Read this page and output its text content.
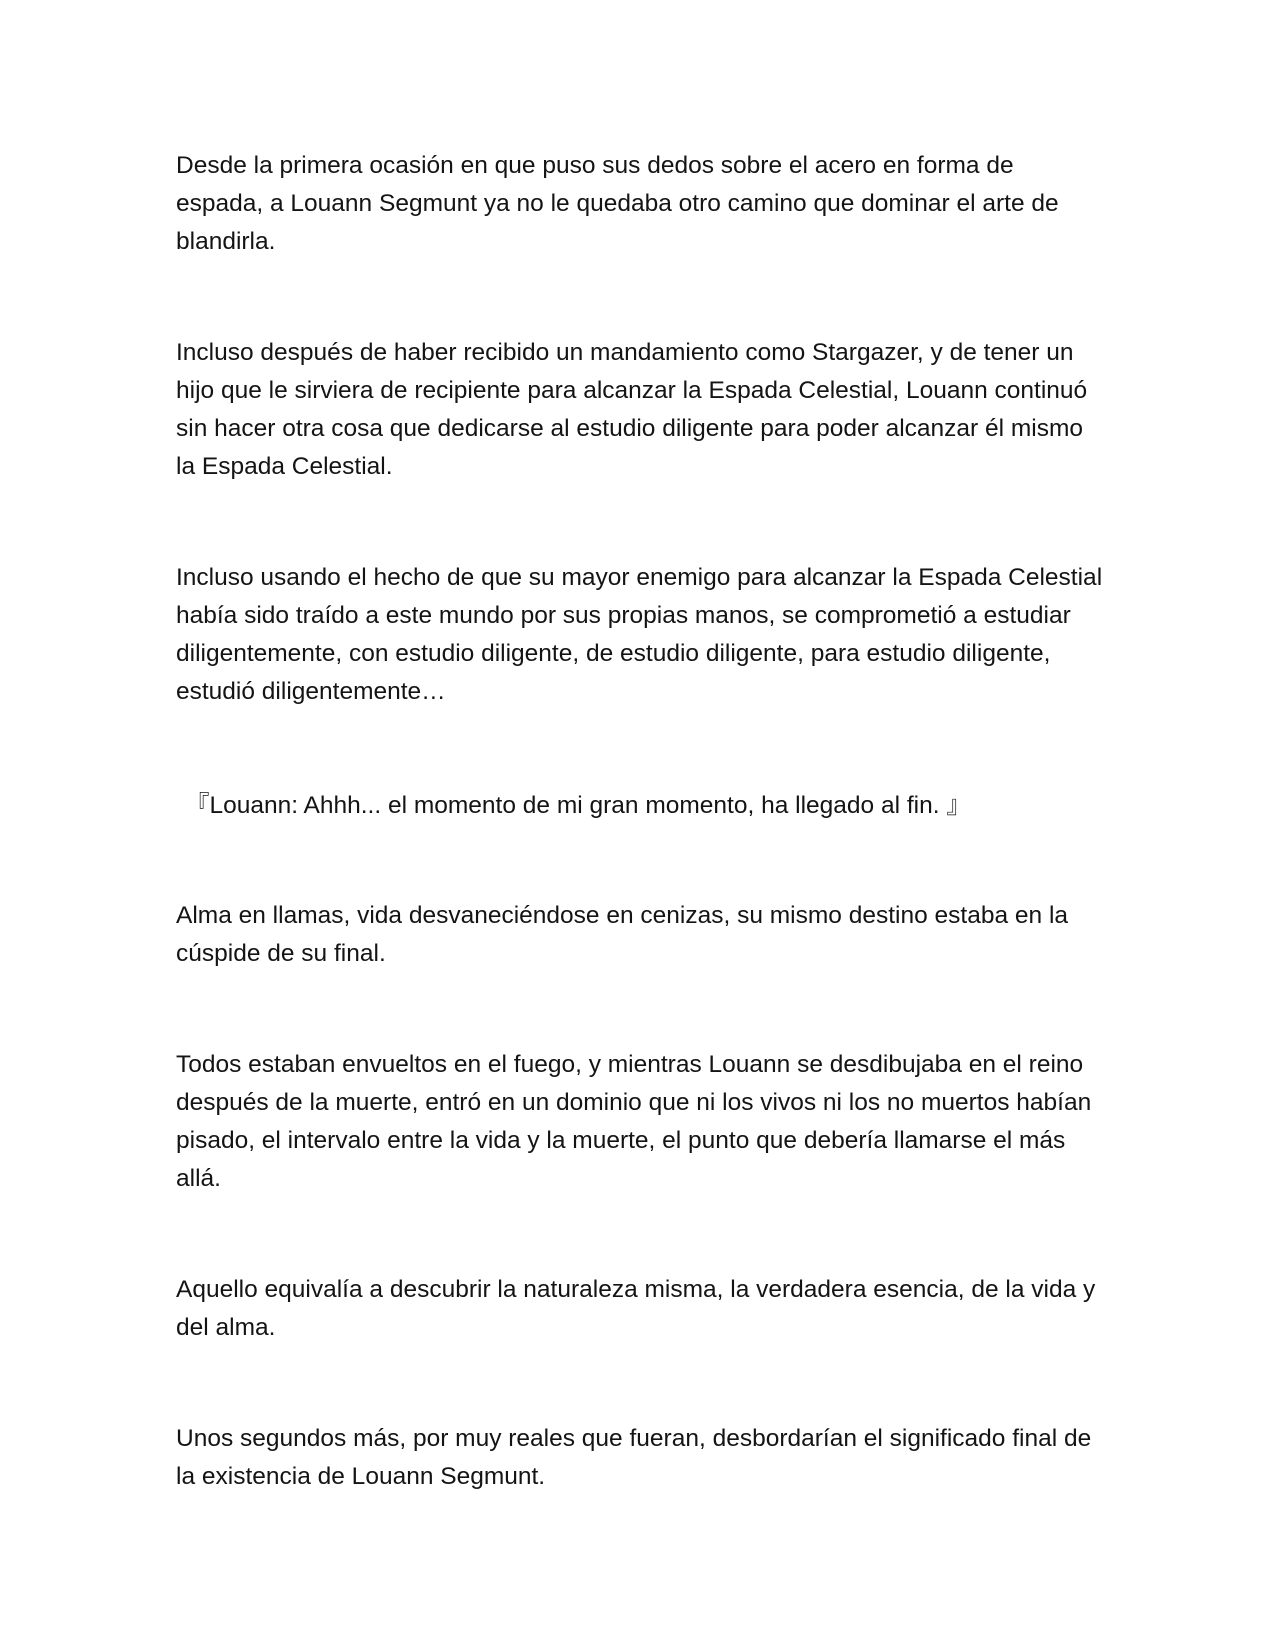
Desde la primera ocasión en que puso sus dedos sobre el acero en forma de espada, a Louann Segmunt ya no le quedaba otro camino que dominar el arte de blandirla.

Incluso después de haber recibido un mandamiento como Stargazer, y de tener un hijo que le sirviera de recipiente para alcanzar la Espada Celestial, Louann continuó sin hacer otra cosa que dedicarse al estudio diligente para poder alcanzar él mismo la Espada Celestial.

Incluso usando el hecho de que su mayor enemigo para alcanzar la Espada Celestial había sido traído a este mundo por sus propias manos, se comprometió a estudiar diligentemente, con estudio diligente, de estudio diligente, para estudio diligente, estudió diligentemente…

『Louann: Ahhh... el momento de mi gran momento, ha llegado al fin. 』

Alma en llamas, vida desvaneciéndose en cenizas, su mismo destino estaba en la cúspide de su final.

Todos estaban envueltos en el fuego, y mientras Louann se desdibujaba en el reino después de la muerte, entró en un dominio que ni los vivos ni los no muertos habían pisado, el intervalo entre la vida y la muerte, el punto que debería llamarse el más allá.

Aquello equivalía a descubrir la naturaleza misma, la verdadera esencia, de la vida y del alma.

Unos segundos más, por muy reales que fueran, desbordarían el significado final de la existencia de Louann Segmunt.
